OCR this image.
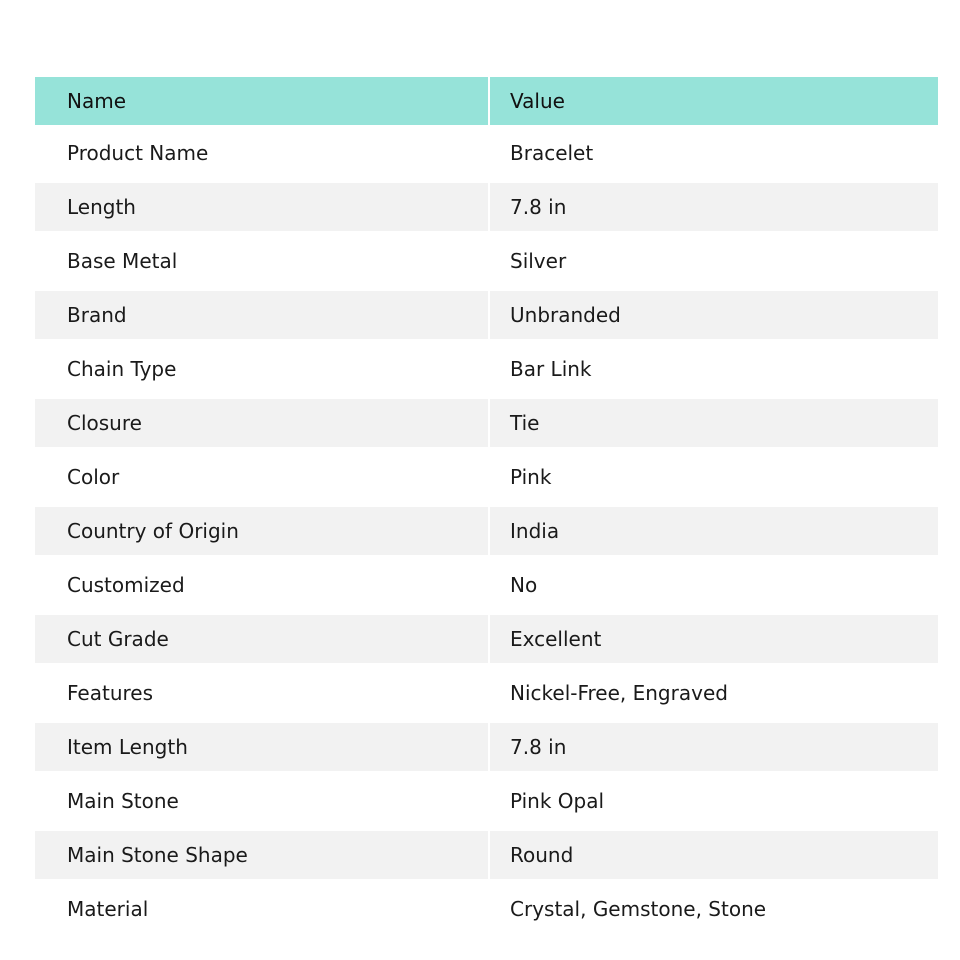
Name	Value
Product Name	Bracelet
Length	7.8 in
Base Metal	Silver
Brand	Unbranded
Chain Type	Bar Link
Closure	Tie
Color	Pink
Country of Origin	India
Customized	No
Cut Grade	Excellent
Features	Nickel-Free, Engraved
Item Length	7.8 in
Main Stone	Pink Opal
Main Stone Shape	Round
Material	Crystal, Gemstone, Stone
